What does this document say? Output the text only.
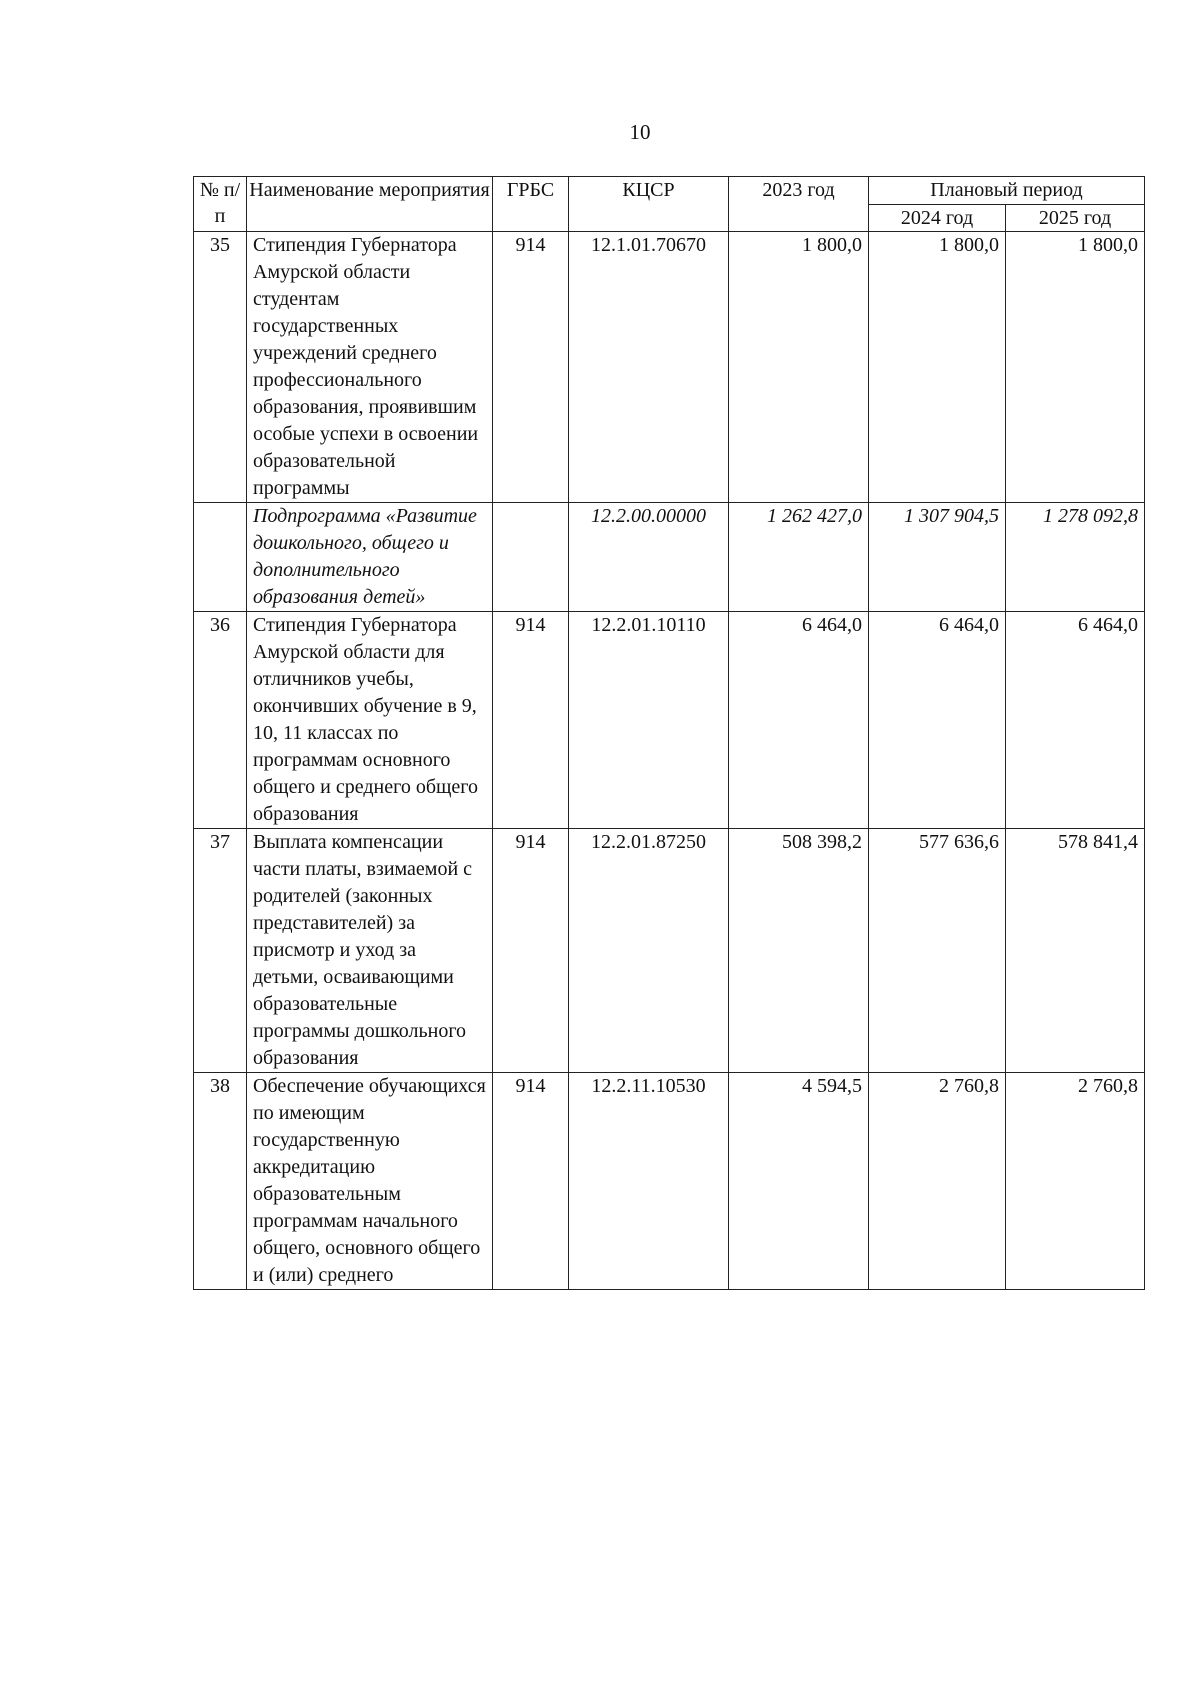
10
№ п/п	Наименование мероприятия	ГРБС	КЦСР	2023 год	Плановый период	
					2024 год	2025 год
35	Стипендия Губернатора Амурской области студентам государственных учреждений среднего профессионального образования, проявившим особые успехи в освоении образовательной программы	914	12.1.01.70670	1 800,0	1 800,0	1 800,0
	Подпрограмма «Развитие дошкольного, общего и дополнительного образования детей»		12.2.00.00000	1 262 427,0	1 307 904,5	1 278 092,8
36	Стипендия Губернатора Амурской области для отличников учебы, окончивших обучение в 9, 10, 11 классах по программам основного общего и среднего общего образования	914	12.2.01.10110	6 464,0	6 464,0	6 464,0
37	Выплата компенсации части платы, взимаемой с родителей (законных представителей) за присмотр и уход за детьми, осваивающими образовательные программы дошкольного образования	914	12.2.01.87250	508 398,2	577 636,6	578 841,4
38	Обеспечение обучающихся по имеющим государственную аккредитацию образовательным программам начального общего, основного общего и (или) среднего	914	12.2.11.10530	4 594,5	2 760,8	2 760,8
